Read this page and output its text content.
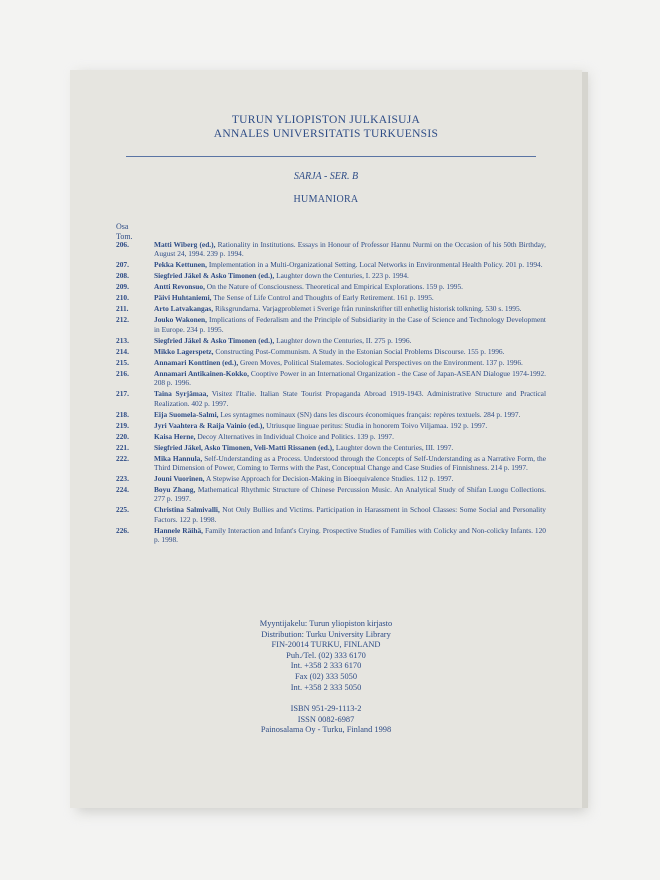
TURUN YLIOPISTON JULKAISUJA
ANNALES UNIVERSITATIS TURKUENSIS
SARJA - SER. B
HUMANIORA
Osa
Tom.
206.	Matti Wiberg (ed.), Rationality in Institutions. Essays in Honour of Professor Hannu Nurmi on the Occasion of his 50th Birthday, August 24, 1994. 239 p. 1994.
207.	Pekka Kettunen, Implementation in a Multi-Organizational Setting. Local Networks in Environmental Health Policy. 201 p. 1994.
208.	Siegfried Jäkel & Asko Timonen (ed.), Laughter down the Centuries, I. 223 p. 1994.
209.	Antti Revonsuo, On the Nature of Consciousness. Theoretical and Empirical Explorations. 159 p. 1995.
210.	Päivi Huhtaniemi, The Sense of Life Control and Thoughts of Early Retirement. 161 p. 1995.
211.	Arto Latvakangas, Riksgrundarna. Varjagproblemet i Sverige från runinskrifter till enhetlig historisk tolkning. 530 s. 1995.
212.	Jouko Wakonen, Implications of Federalism and the Principle of Subsidiarity in the Case of Science and Technology Development in Europe. 234 p. 1995.
213.	Siegfried Jäkel & Asko Timonen (ed.), Laughter down the Centuries, II. 275 p. 1996.
214.	Mikko Lagerspetz, Constructing Post-Communism. A Study in the Estonian Social Problems Discourse. 155 p. 1996.
215.	Annamari Konttinen (ed.), Green Moves, Political Stalemates. Sociological Perspectives on the Environment. 137 p. 1996.
216.	Annamari Antikainen-Kokko, Cooptive Power in an International Organization - the Case of Japan-ASEAN Dialogue 1974-1992. 208 p. 1996.
217.	Taina Syrjämaa, Visitez l'Italie. Italian State Tourist Propaganda Abroad 1919-1943. Administrative Structure and Practical Realization. 402 p. 1997.
218.	Eija Suomela-Salmi, Les syntagmes nominaux (SN) dans les discours économiques français: repères textuels. 284 p. 1997.
219.	Jyri Vaahtera & Raija Vainio (ed.), Utriusque linguae peritus: Studia in honorem Toivo Viljamaa. 192 p. 1997.
220.	Kaisa Herne, Decoy Alternatives in Individual Choice and Politics. 139 p. 1997.
221.	Siegfried Jäkel, Asko Timonen, Veli-Matti Rissanen (ed.), Laughter down the Centuries, III. 1997.
222.	Mika Hannula, Self-Understanding as a Process. Understood through the Concepts of Self-Understanding as a Narrative Form, the Third Dimension of Power, Coming to Terms with the Past, Conceptual Change and Case Studies of Finnishness. 214 p. 1997.
223.	Jouni Vuorinen, A Stepwise Approach for Decision-Making in Bioequivalence Studies. 112 p. 1997.
224.	Boyu Zhang, Mathematical Rhythmic Structure of Chinese Percussion Music. An Analytical Study of Shifan Luogu Collections. 277 p. 1997.
225.	Christina Salmivalli, Not Only Bullies and Victims. Participation in Harassment in School Classes: Some Social and Personality Factors. 122 p. 1998.
226.	Hannele Räihä, Family Interaction and Infant's Crying. Prospective Studies of Families with Colicky and Non-colicky Infants. 120 p. 1998.
Myyntijakelu: Turun yliopiston kirjasto
Distribution: Turku University Library
FIN-20014 TURKU, FINLAND
Puh./Tel. (02) 333 6170
Int. +358 2 333 6170
Fax (02) 333 5050
Int. +358 2 333 5050
ISBN 951-29-1113-2
ISSN 0082-6987
Painosalama Oy - Turku, Finland 1998
